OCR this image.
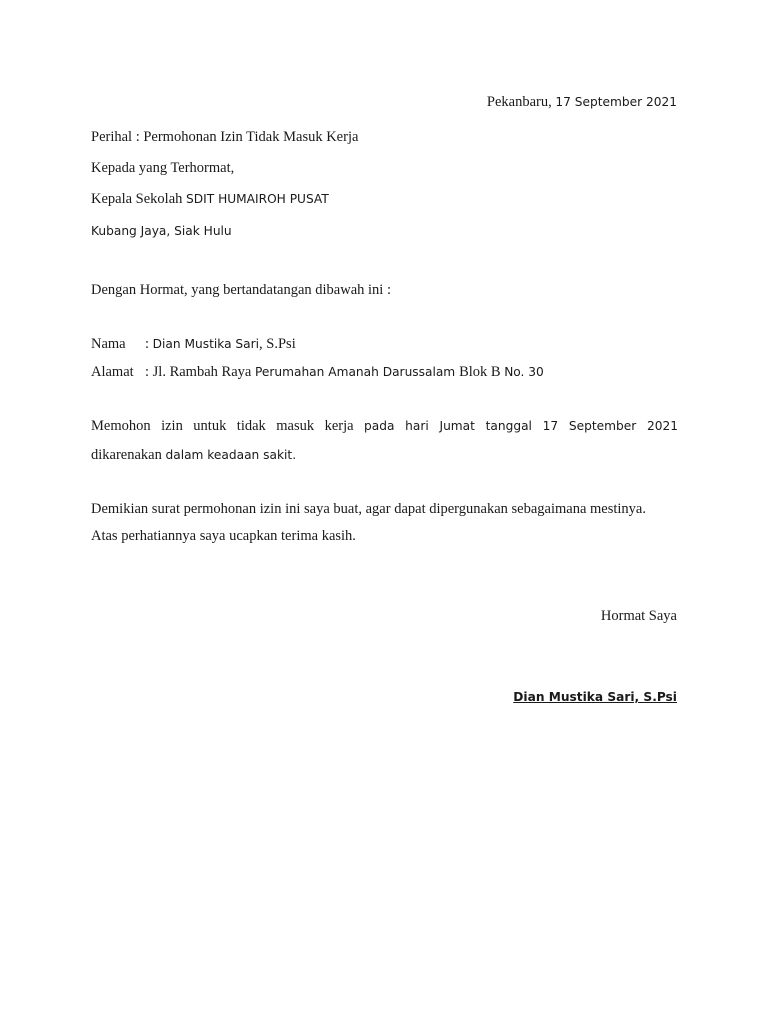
Pekanbaru, 17 September 2021
Perihal : Permohonan Izin Tidak Masuk Kerja
Kepada yang Terhormat,
Kepala Sekolah SDIT HUMAIROH PUSAT
Kubang Jaya, Siak Hulu
Dengan Hormat, yang bertandatangan dibawah ini :
Nama : Dian Mustika Sari, S.Psi
Alamat : Jl. Rambah Raya Perumahan Amanah Darussalam Blok B No. 30
Memohon izin untuk tidak masuk kerja pada hari Jumat tanggal 17 September 2021
dikarenakan dalam keadaan sakit.
Demikian surat permohonan izin ini saya buat, agar dapat dipergunakan sebagaimana mestinya.
Atas perhatiannya saya ucapkan terima kasih.
Hormat Saya
Dian Mustika Sari, S.Psi
